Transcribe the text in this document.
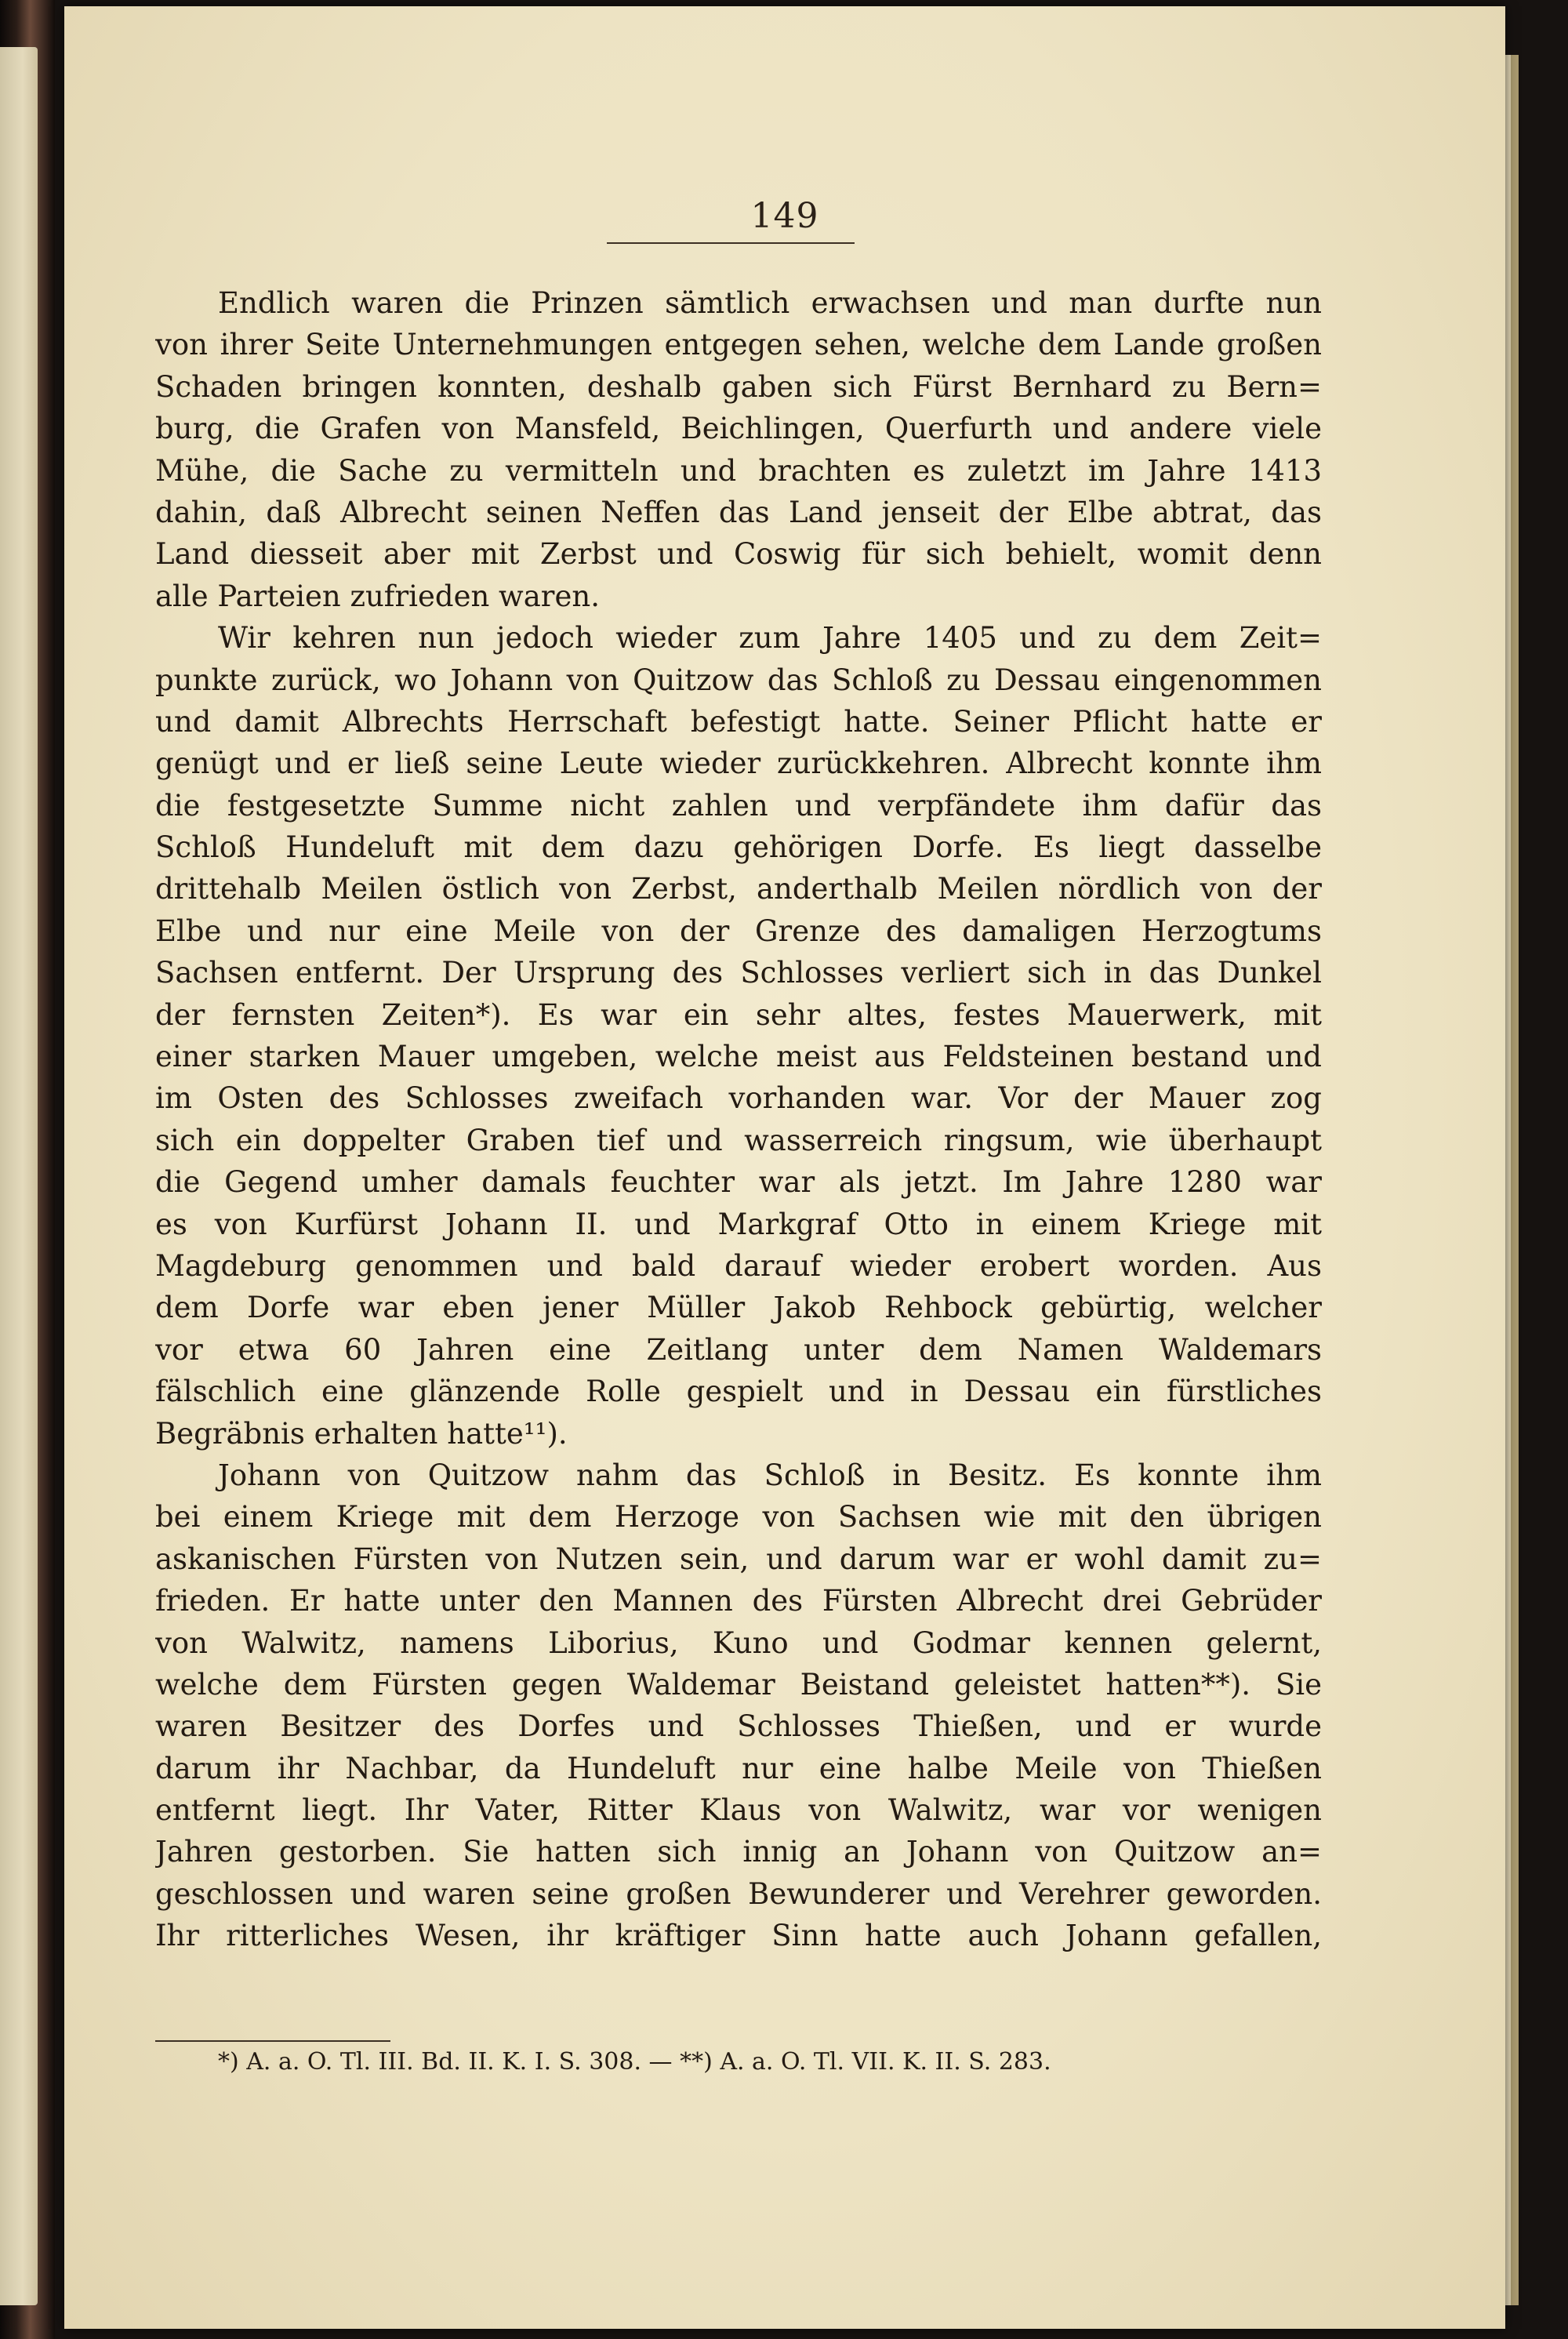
149
Endlich waren die Prinzen sämtlich erwachsen und man durfte nun
von ihrer Seite Unternehmungen entgegen sehen, welche dem Lande großen
Schaden bringen konnten, deshalb gaben sich Fürst Bernhard zu Bern=
burg, die Grafen von Mansfeld, Beichlingen, Querfurth und andere viele
Mühe, die Sache zu vermitteln und brachten es zuletzt im Jahre 1413
dahin, daß Albrecht seinen Neffen das Land jenseit der Elbe abtrat, das
Land diesseit aber mit Zerbst und Coswig für sich behielt, womit denn
alle Parteien zufrieden waren.
Wir kehren nun jedoch wieder zum Jahre 1405 und zu dem Zeit=
punkte zurück, wo Johann von Quitzow das Schloß zu Dessau eingenommen
und damit Albrechts Herrschaft befestigt hatte. Seiner Pflicht hatte er
genügt und er ließ seine Leute wieder zurückkehren. Albrecht konnte ihm
die festgesetzte Summe nicht zahlen und verpfändete ihm dafür das
Schloß Hundeluft mit dem dazu gehörigen Dorfe. Es liegt dasselbe
drittehalb Meilen östlich von Zerbst, anderthalb Meilen nördlich von der
Elbe und nur eine Meile von der Grenze des damaligen Herzogtums
Sachsen entfernt. Der Ursprung des Schlosses verliert sich in das Dunkel
der fernsten Zeiten*). Es war ein sehr altes, festes Mauerwerk, mit
einer starken Mauer umgeben, welche meist aus Feldsteinen bestand und
im Osten des Schlosses zweifach vorhanden war. Vor der Mauer zog
sich ein doppelter Graben tief und wasserreich ringsum, wie überhaupt
die Gegend umher damals feuchter war als jetzt. Im Jahre 1280 war
es von Kurfürst Johann II. und Markgraf Otto in einem Kriege mit
Magdeburg genommen und bald darauf wieder erobert worden. Aus
dem Dorfe war eben jener Müller Jakob Rehbock gebürtig, welcher
vor etwa 60 Jahren eine Zeitlang unter dem Namen Waldemars
fälschlich eine glänzende Rolle gespielt und in Dessau ein fürstliches
Begräbnis erhalten hatte¹¹).
Johann von Quitzow nahm das Schloß in Besitz. Es konnte ihm
bei einem Kriege mit dem Herzoge von Sachsen wie mit den übrigen
askanischen Fürsten von Nutzen sein, und darum war er wohl damit zu=
frieden. Er hatte unter den Mannen des Fürsten Albrecht drei Gebrüder
von Walwitz, namens Liborius, Kuno und Godmar kennen gelernt,
welche dem Fürsten gegen Waldemar Beistand geleistet hatten**). Sie
waren Besitzer des Dorfes und Schlosses Thießen, und er wurde
darum ihr Nachbar, da Hundeluft nur eine halbe Meile von Thießen
entfernt liegt. Ihr Vater, Ritter Klaus von Walwitz, war vor wenigen
Jahren gestorben. Sie hatten sich innig an Johann von Quitzow an=
geschlossen und waren seine großen Bewunderer und Verehrer geworden.
Ihr ritterliches Wesen, ihr kräftiger Sinn hatte auch Johann gefallen,
*) A. a. O. Tl. III. Bd. II. K. I. S. 308. — **) A. a. O. Tl. VII. K. II. S. 283.
